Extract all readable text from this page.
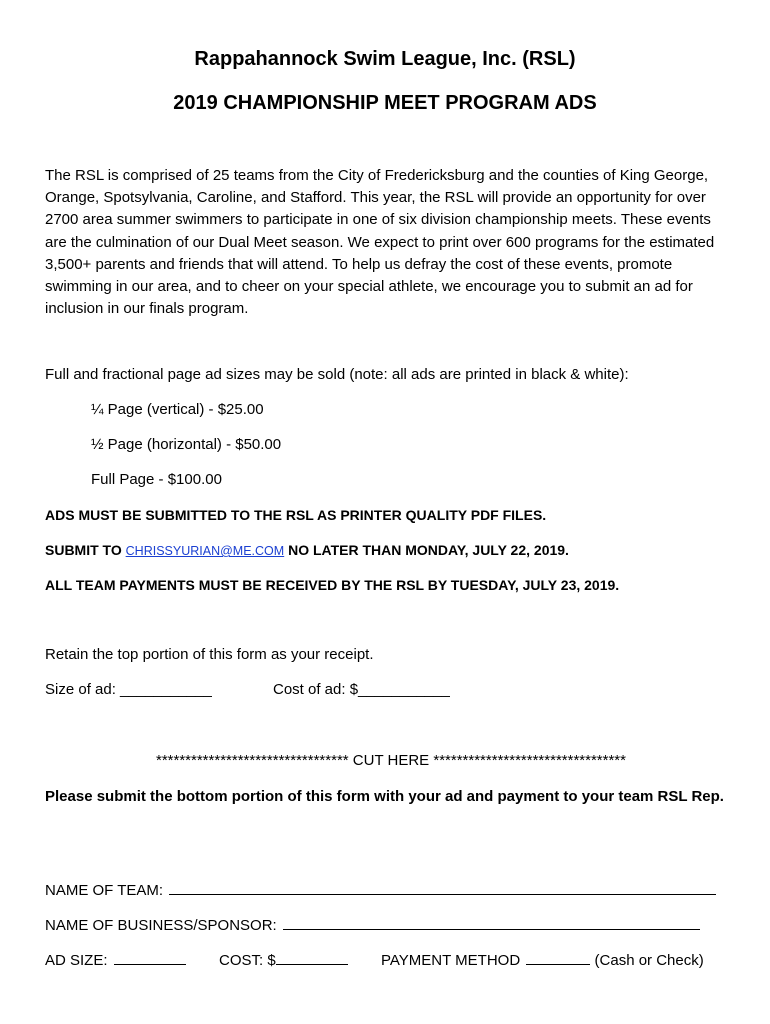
Rappahannock Swim League, Inc. (RSL)
2019 CHAMPIONSHIP MEET PROGRAM ADS
The RSL is comprised of 25 teams from the City of Fredericksburg and the counties of King George, Orange, Spotsylvania, Caroline, and Stafford. This year, the RSL will provide an opportunity for over 2700 area summer swimmers to participate in one of six division championship meets. These events are the culmination of our Dual Meet season. We expect to print over 600 programs for the estimated 3,500+ parents and friends that will attend. To help us defray the cost of these events, promote swimming in our area, and to cheer on your special athlete, we encourage you to submit an ad for inclusion in our finals program.
Full and fractional page ad sizes may be sold (note: all ads are printed in black & white):
¼ Page (vertical) - $25.00
½ Page (horizontal) - $50.00
Full Page - $100.00
ADS MUST BE SUBMITTED TO THE RSL AS PRINTER QUALITY PDF FILES.
SUBMIT TO CHRISSYURIAN@ME.COM NO LATER THAN MONDAY, JULY 22, 2019.
ALL TEAM PAYMENTS MUST BE RECEIVED BY THE RSL BY TUESDAY, JULY 23, 2019.
Retain the top portion of this form as your receipt.
Size of ad: ___________	Cost of ad: $___________
********************************* CUT HERE *********************************
Please submit the bottom portion of this form with your ad and payment to your team RSL Rep.
NAME OF TEAM:
NAME OF BUSINESS/SPONSOR:
AD SIZE:	COST: $	PAYMENT METHOD	(Cash or Check)
